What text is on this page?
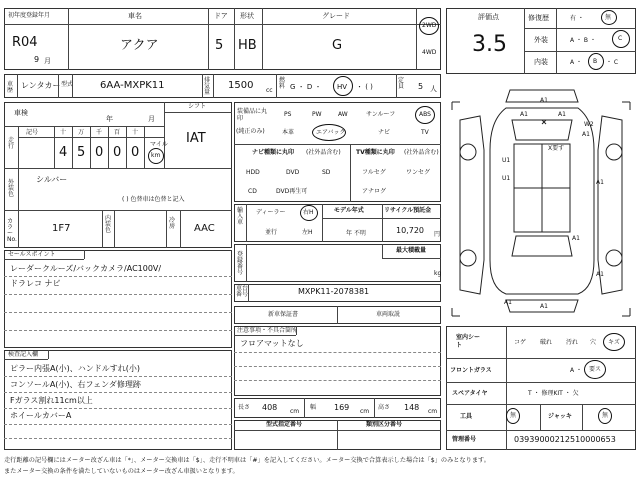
初年度登録年月	車名	ドア 形状	グレード
R04
9 月
アクア	5 HB	G
2WD
4WD
車歴
レンタカー 型式	6AA-MXPK11	排気量
1500 cc
燃料 G ・ D ・ HV ・ ( )
定員 5 人
車検
年	月
シフト
IAT
走行
記号	十
4
万
5
千
0
百
0
十
0
マイル
km
外装色
シルバー
( ) 色替車は色替と記入
カラーNo.
1F7
内装色
冷房 AAC
セールスポイント
レーダークルーズ/バックカメラ/AC100V/
ドラレコ ナビ
検査記入欄
ピラー内張A(小)、ハンドルすれ(小)
コンソールA(小)、右フェンダ修理跡
Fガラス割れ11cm以上
ホイールカバーA
装備品に丸印
(純正のみ)
PS	PW	AW	サンルーフ	ABS
本革	エアバック	ナビ	TV
ナビ種類に丸印 (社外品含む)	TV種類に丸印 (社外品含む)
HDD	DVD	SD
CD	DVD再生可
フルセグ	ワンセグ
アナログ
輸入車
ディーラー	右H
並行	左H
モデル年式
年 不明
リサイクル預託金
10,720 円
登録番号
最大積載量
kg
車台番号	MXPK11-2078381
新車保証書	車両取説
注意事項・不具合箇所
フロアマットなし
長さ 408 cm
幅 169 cm
高さ 148 cm
型式指定番号	類別区分番号
評価点
3.5
修復歴	有 ・	無
外装	A ・ B ・	C
内装	A ・ B ・ C
A1
A1	A1
W2
X要す
A1
U1
U1
A1
A1
A1
A1
A1
室内シート	コゲ 破れ 汚れ 穴 キズ
フロントガラス	A ・ 要ス
スペアタイヤ	T ・ 修理KIT ・ 欠
工具	無	ジャッキ	無
管理番号	03939000212510000653
走行距離の記号欄にはメーター改ざん車は「*」、メーター交換車は「$」、走行不明車は「#」を記入してください。メーター交換で合算表示した場合は「$」のみとなります。
またメーター交換の条件を満たしていないものはメーター改ざん車扱いとなります。
